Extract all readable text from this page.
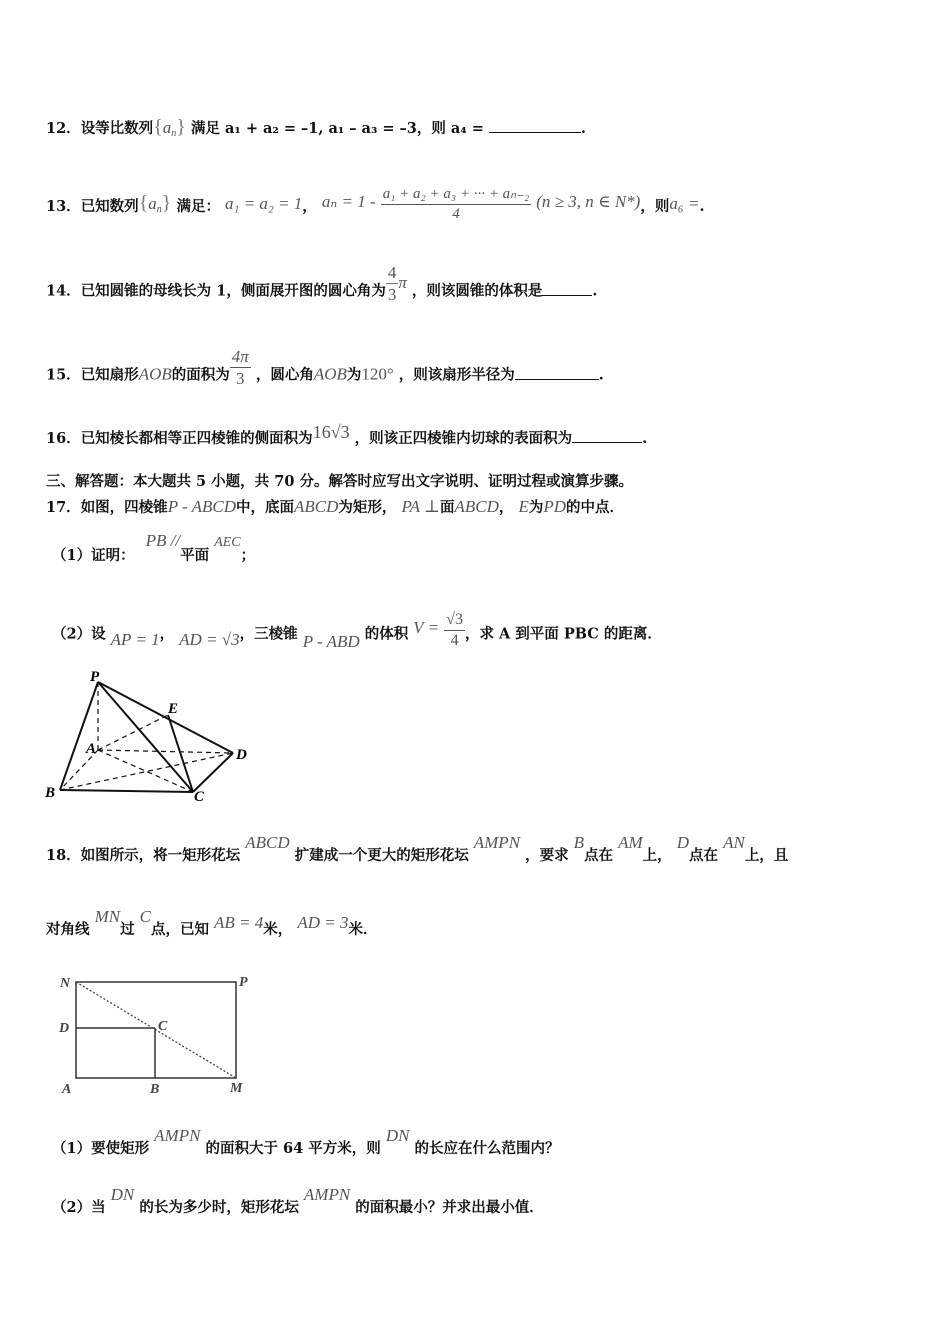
12．设等比数列$\{a_n\}$ 满足 a₁ + a₂ = –1, a₁ – a₃ = –3，则 a₄ =	.
13．已知数列$\{a_n\}$ 满足： a₁ = a₂ = 1， $a_n = 1 - \frac{\text{a₁ + a₂ + a₃ + ··· + aₙ₋₂}}{4} (n \ge 3$, n ∈ N*)，则a₆ =.
14．已知圆锥的母线长为 1，侧面展开图的圆心角为 $\frac{4}{3}$ π ，则该圆锥的体积是	.
15．已知扇形AOB的面积为 $\frac{4\pi}{3}$ ，圆心角AOB为120° ，则该扇形半径为	.
16．已知棱长都相等正四棱锥的侧面积为16√3 ，则该正四棱锥内切球的表面积为	.
三、解答题：本大题共 5 小题，共 70 分。解答时应写出文字说明、证明过程或演算步骤。
17．如图，四棱锥P - ABCD中，底面ABCD为矩形， PA ⊥面ABCD， E为PD的中点．
（1）证明： PB //平面 AEC；
（2）设 AP = 1， AD = √3，三棱锥 P - ABD 的体积 $V = \frac{√3}{4}$ ，求 A 到平面 PBC 的距离．
P
E
A	D
B	C
18．如图所示，将一矩形花坛 ABCD 扩建成一个更大的矩形花坛 AMPN ，要求 B点在 AM上， D点在 AN上，且
对角线 MN过 C点，已知 AB = 4米， AD = 3米．
N	P
D	C
A	B	M
（1）要使矩形 AMPN 的面积大于 64 平方米，则 DN 的长应在什么范围内？
（2）当 DN 的长为多少时，矩形花坛 AMPN 的面积最小？并求出最小值．
